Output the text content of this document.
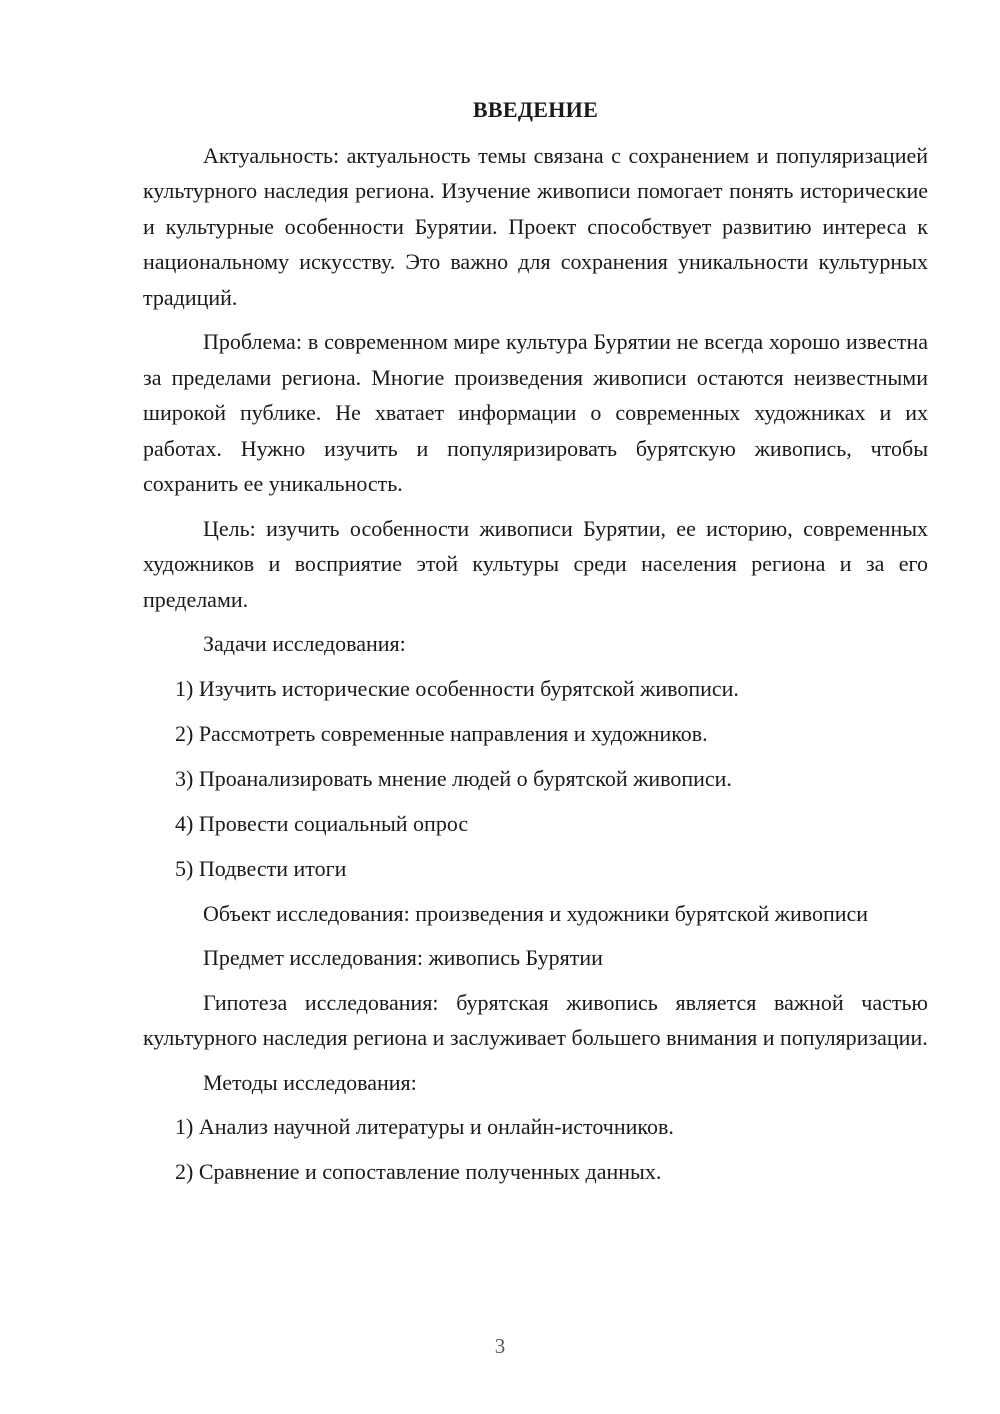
ВВЕДЕНИЕ

Актуальность: актуальность темы связана с сохранением и популяризацией культурного наследия региона. Изучение живописи помогает понять исторические и культурные особенности Бурятии. Проект способствует развитию интереса к национальному искусству. Это важно для сохранения уникальности культурных традиций.

Проблема: в современном мире культура Бурятии не всегда хорошо известна за пределами региона. Многие произведения живописи остаются неизвестными широкой публике. Не хватает информации о современных художниках и их работах. Нужно изучить и популяризировать бурятскую живопись, чтобы сохранить ее уникальность.

Цель: изучить особенности живописи Бурятии, ее историю, современных художников и восприятие этой культуры среди населения региона и за его пределами.

Задачи исследования:

1) Изучить исторические особенности бурятской живописи.
2) Рассмотреть современные направления и художников.
3) Проанализировать мнение людей о бурятской живописи.
4) Провести социальный опрос
5) Подвести итоги

Объект исследования: произведения и художники бурятской живописи

Предмет исследования: живопись Бурятии

Гипотеза исследования: бурятская живопись является важной частью культурного наследия региона и заслуживает большего внимания и популяризации.

Методы исследования:

1) Анализ научной литературы и онлайн-источников.
2) Сравнение и сопоставление полученных данных.
3
